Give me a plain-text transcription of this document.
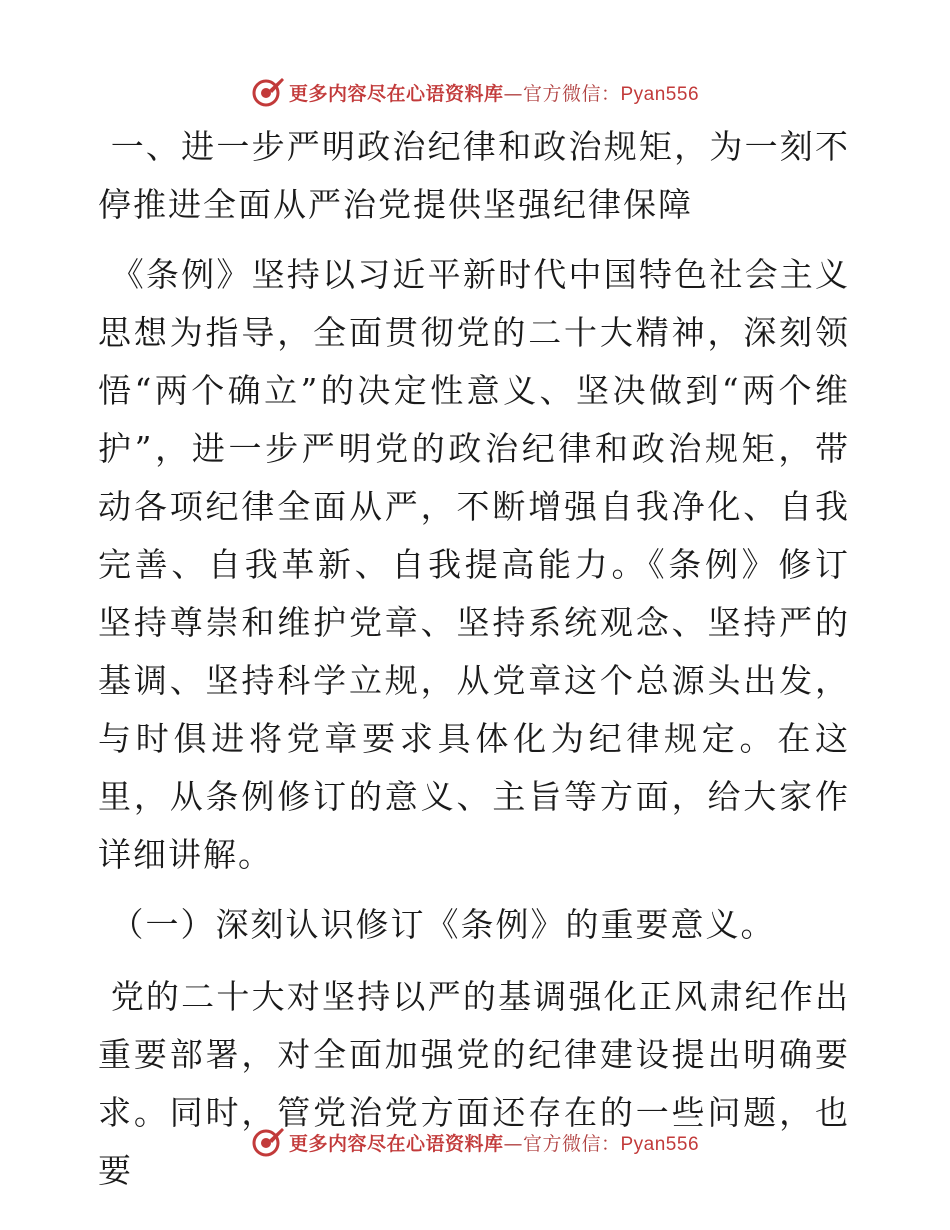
更多内容尽在心语资料库—官方微信：Pyan556

一、进一步严明政治纪律和政治规矩，为一刻不停推进全面从严治党提供坚强纪律保障

《条例》坚持以习近平新时代中国特色社会主义思想为指导，全面贯彻党的二十大精神，深刻领悟“两个确立”的决定性意义、坚决做到“两个维护”，进一步严明党的政治纪律和政治规矩，带动各项纪律全面从严，不断增强自我净化、自我完善、自我革新、自我提高能力。《条例》修订坚持尊崇和维护党章、坚持系统观念、坚持严的基调、坚持科学立规，从党章这个总源头出发，与时俱进将党章要求具体化为纪律规定。在这里，从条例修订的意义、主旨等方面，给大家作详细讲解。

（一）深刻认识修订《条例》的重要意义。

党的二十大对坚持以严的基调强化正风肃纪作出重要部署，对全面加强党的纪律建设提出明确要求。同时，管党治党方面还存在的一些问题，也要

更多内容尽在心语资料库—官方微信：Pyan556
